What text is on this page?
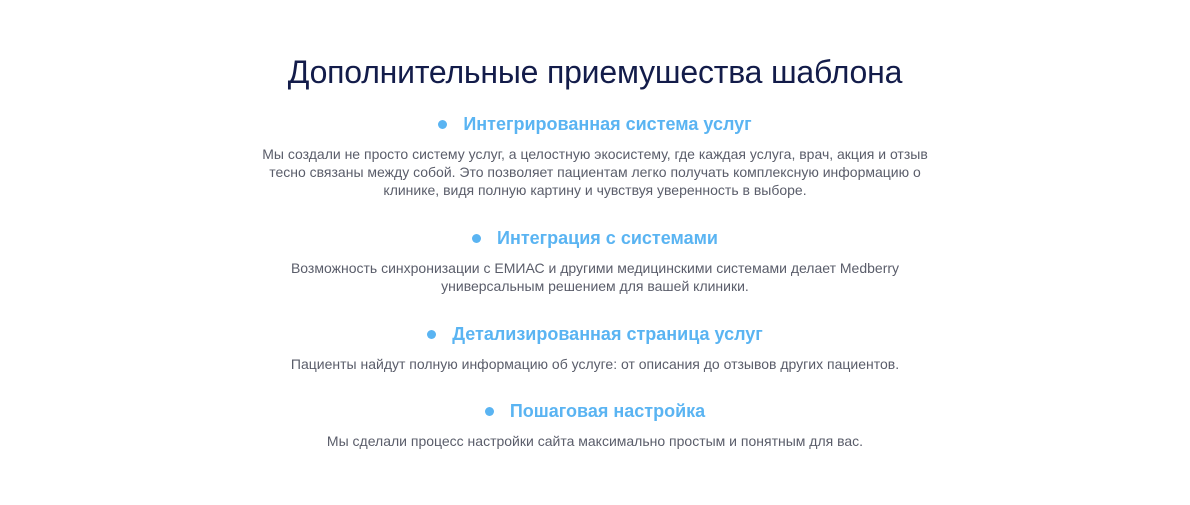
Дополнительные приемушества шаблона
Интегрированная система услуг

Мы создали не просто систему услуг, а целостную экосистему, где каждая услуга, врач, акция и отзыв тесно связаны между собой. Это позволяет пациентам легко получать комплексную информацию о клинике, видя полную картину и чувствуя уверенность в выборе.

Интеграция с системами

Возможность синхронизации с ЕМИАС и другими медицинскими системами делает Medberry универсальным решением для вашей клиники.

Детализированная страница услуг

Пациенты найдут полную информацию об услуге: от описания до отзывов других пациентов.

Пошаговая настройка

Мы сделали процесс настройки сайта максимально простым и понятным для вас.
